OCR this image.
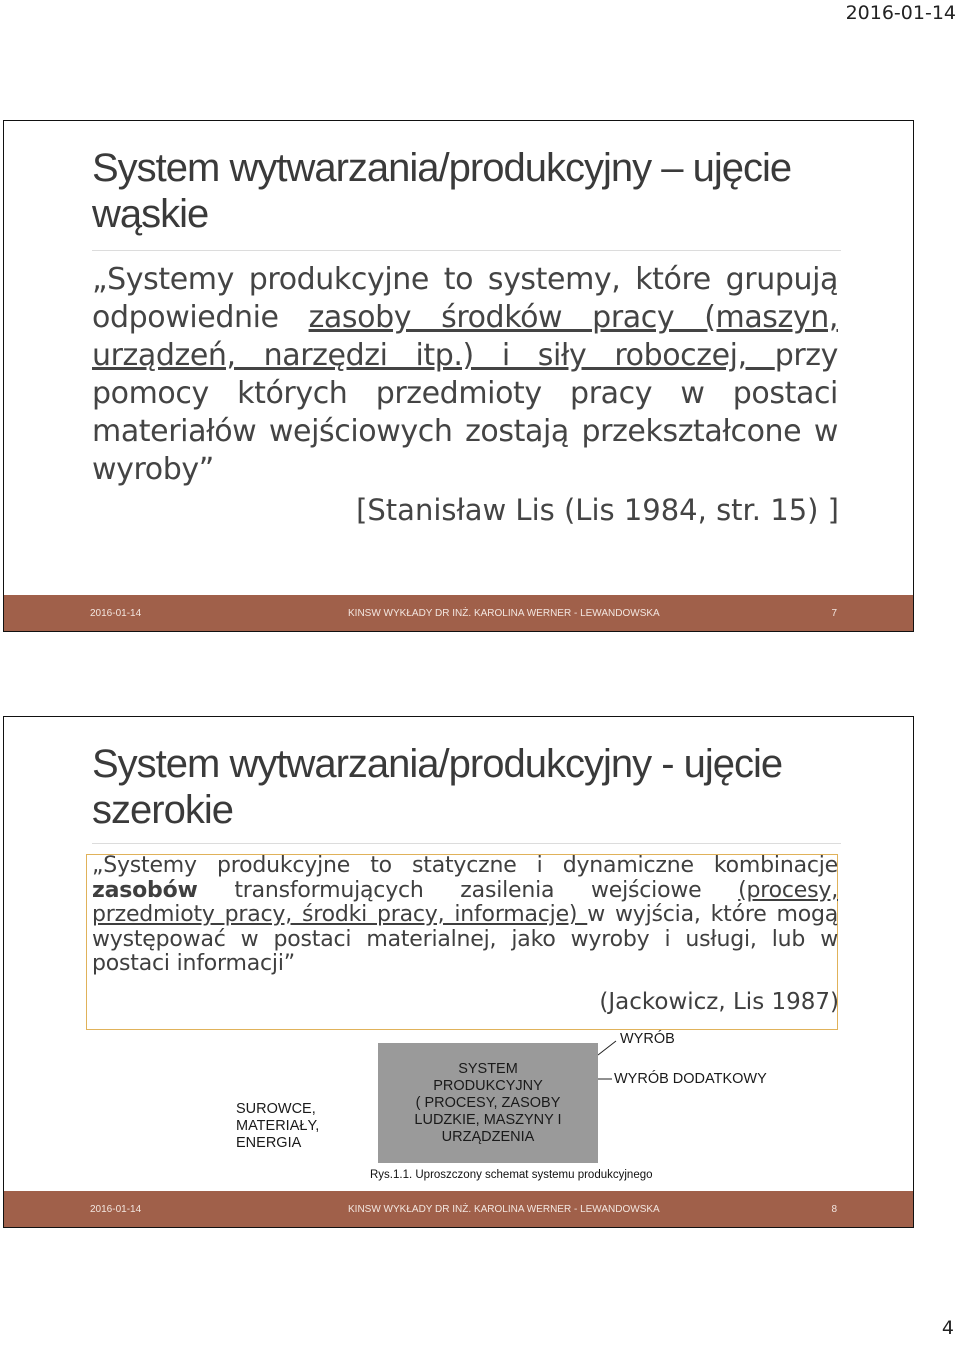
2016-01-14
System wytwarzania/produkcyjny – ujęcie wąskie

„Systemy produkcyjne to systemy, które grupują odpowiednie zasoby środków pracy (maszyn, urządzeń, narzędzi itp.) i siły roboczej, przy pomocy których przedmioty pracy w postaci materiałów wejściowych zostają przekształcone w wyroby”

[Stanisław Lis (Lis 1984, str. 15) ]
2016-01-14	KINSW WYKŁADY DR INŻ. KAROLINA WERNER - LEWANDOWSKA	7
System wytwarzania/produkcyjny - ujęcie szerokie

„Systemy produkcyjne to statyczne i dynamiczne kombinacje zasobów transformujących zasilenia wejściowe (procesy, przedmioty pracy, środki pracy, informacje) w wyjścia, które mogą występować w postaci materialnej, jako wyroby i usługi, lub w postaci informacji”

(Jackowicz, Lis 1987)
SYSTEM
PRODUKCYJNY
( PROCESY, ZASOBY
LUDZKIE, MASZYNY I
URZĄDZENIA
SUROWCE,
MATERIAŁY,
ENERGIA
WYRÓB
WYRÓB DODATKOWY
Rys.1.1. Uproszczony schemat systemu produkcyjnego
2016-01-14	KINSW WYKŁADY DR INŻ. KAROLINA WERNER - LEWANDOWSKA	8
4
